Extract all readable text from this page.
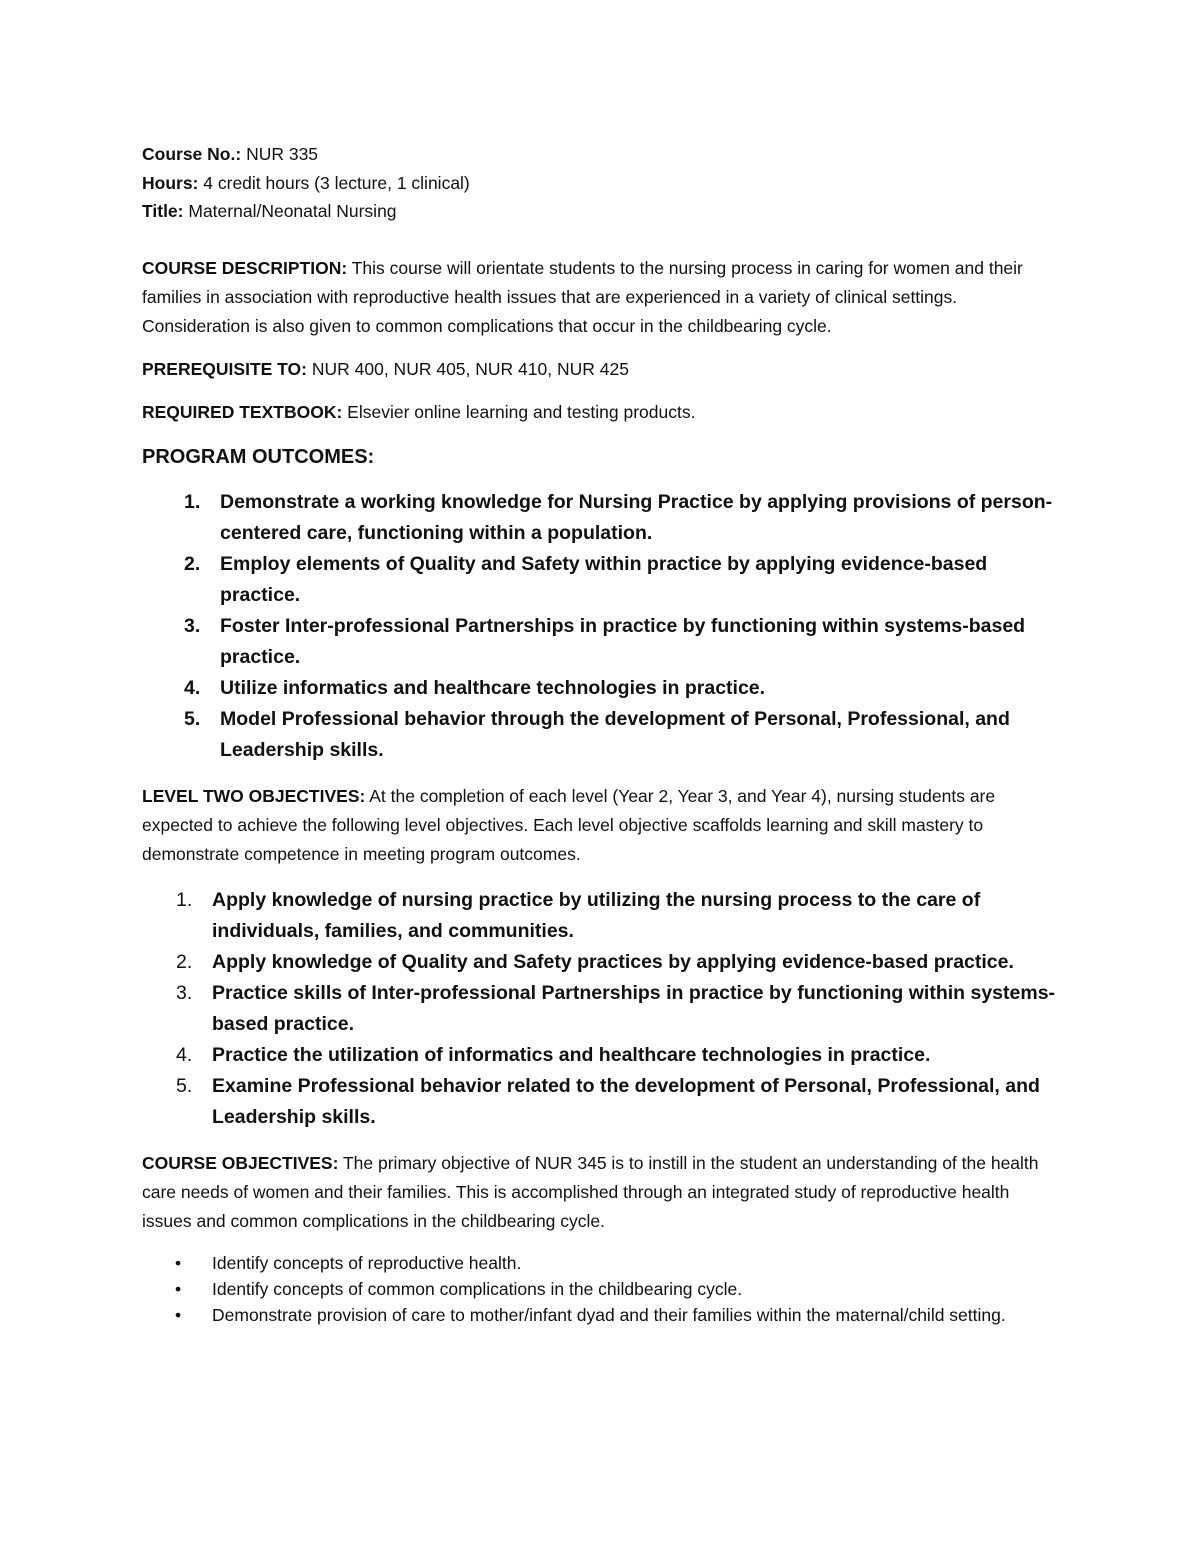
Course No.: NUR 335
Hours: 4 credit hours (3 lecture, 1 clinical)
Title: Maternal/Neonatal Nursing

COURSE DESCRIPTION: This course will orientate students to the nursing process in caring for women and their families in association with reproductive health issues that are experienced in a variety of clinical settings. Consideration is also given to common complications that occur in the childbearing cycle.

PREREQUISITE TO: NUR 400, NUR 405, NUR 410, NUR 425

REQUIRED TEXTBOOK: Elsevier online learning and testing products.

PROGRAM OUTCOMES:
1. Demonstrate a working knowledge for Nursing Practice by applying provisions of person-centered care, functioning within a population.
2. Employ elements of Quality and Safety within practice by applying evidence-based practice.
3. Foster Inter-professional Partnerships in practice by functioning within systems-based practice.
4. Utilize informatics and healthcare technologies in practice.
5. Model Professional behavior through the development of Personal, Professional, and Leadership skills.

LEVEL TWO OBJECTIVES: At the completion of each level (Year 2, Year 3, and Year 4), nursing students are expected to achieve the following level objectives. Each level objective scaffolds learning and skill mastery to demonstrate competence in meeting program outcomes.

1. Apply knowledge of nursing practice by utilizing the nursing process to the care of individuals, families, and communities.
2. Apply knowledge of Quality and Safety practices by applying evidence-based practice.
3. Practice skills of Inter-professional Partnerships in practice by functioning within systems-based practice.
4. Practice the utilization of informatics and healthcare technologies in practice.
5. Examine Professional behavior related to the development of Personal, Professional, and Leadership skills.

COURSE OBJECTIVES: The primary objective of NUR 345 is to instill in the student an understanding of the health care needs of women and their families. This is accomplished through an integrated study of reproductive health issues and common complications in the childbearing cycle.

• Identify concepts of reproductive health.
• Identify concepts of common complications in the childbearing cycle.
• Demonstrate provision of care to mother/infant dyad and their families within the maternal/child setting.
